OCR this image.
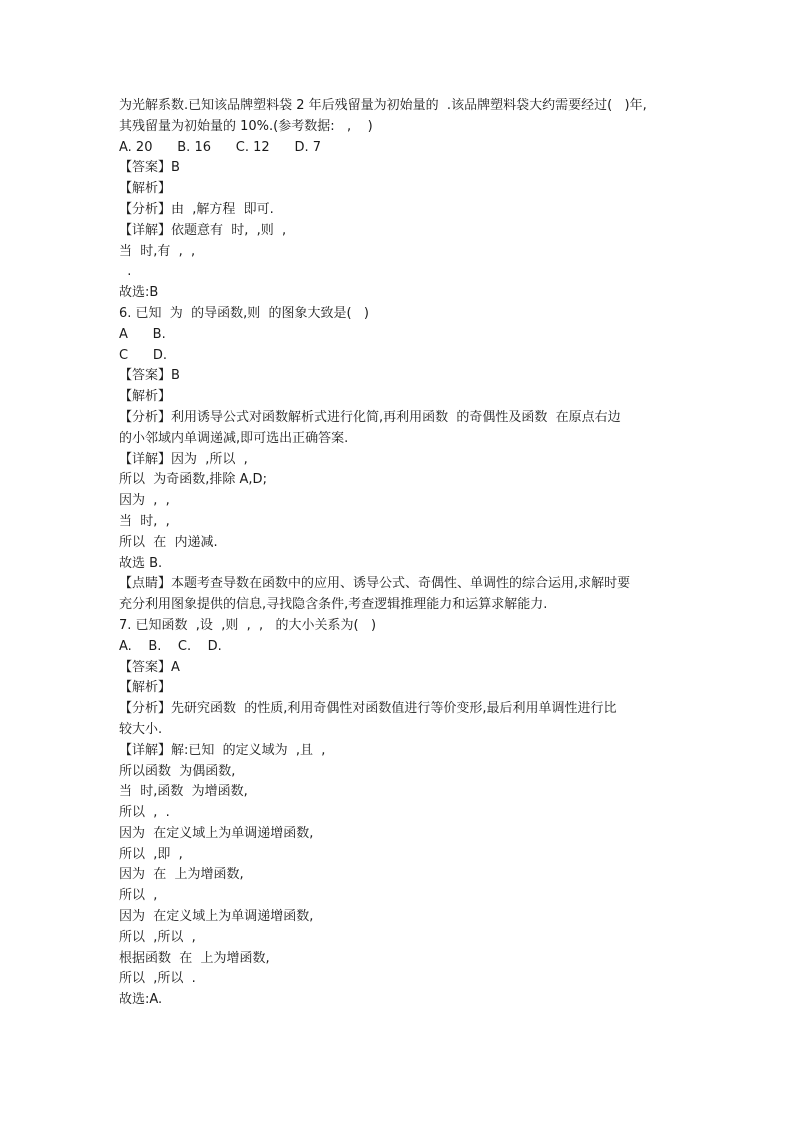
为光解系数.已知该品牌塑料袋 2 年后残留量为初始量的  .该品牌塑料袋大约需要经过(   )年,
其残留量为初始量的 10%.(参考数据:   ,    )
A. 20      B. 16      C. 12      D. 7
【答案】B
【解析】
【分析】由  ,解方程  即可.
【详解】依题意有  时,  ,则  ,
当  时,有  ,  ,
.
故选:B
6. 已知  为  的导函数,则  的图象大致是(   )
A      B.
C      D.
【答案】B
【解析】
【分析】利用诱导公式对函数解析式进行化简,再利用函数  的奇偶性及函数  在原点右边
的小邻域内单调递减,即可选出正确答案.
【详解】因为  ,所以  ,
所以  为奇函数,排除 A,D;
因为  ,  ,
当  时,  ,
所以  在  内递减.
故选 B.
【点睛】本题考查导数在函数中的应用、诱导公式、奇偶性、单调性的综合运用,求解时要
充分利用图象提供的信息,寻找隐含条件,考查逻辑推理能力和运算求解能力.
7. 已知函数  ,设  ,则  ,  ,   的大小关系为(   )
A.    B.    C.    D.
【答案】A
【解析】
【分析】先研究函数  的性质,利用奇偶性对函数值进行等价变形,最后利用单调性进行比
较大小.
【详解】解:已知  的定义域为  ,且  ,
所以函数  为偶函数,
当  时,函数  为增函数,
所以  ,  .
因为  在定义域上为单调递增函数,
所以  ,即  ,
因为  在  上为增函数,
所以  ,
因为  在定义域上为单调递增函数,
所以  ,所以  ,
根据函数  在  上为增函数,
所以  ,所以  .
故选:A.
